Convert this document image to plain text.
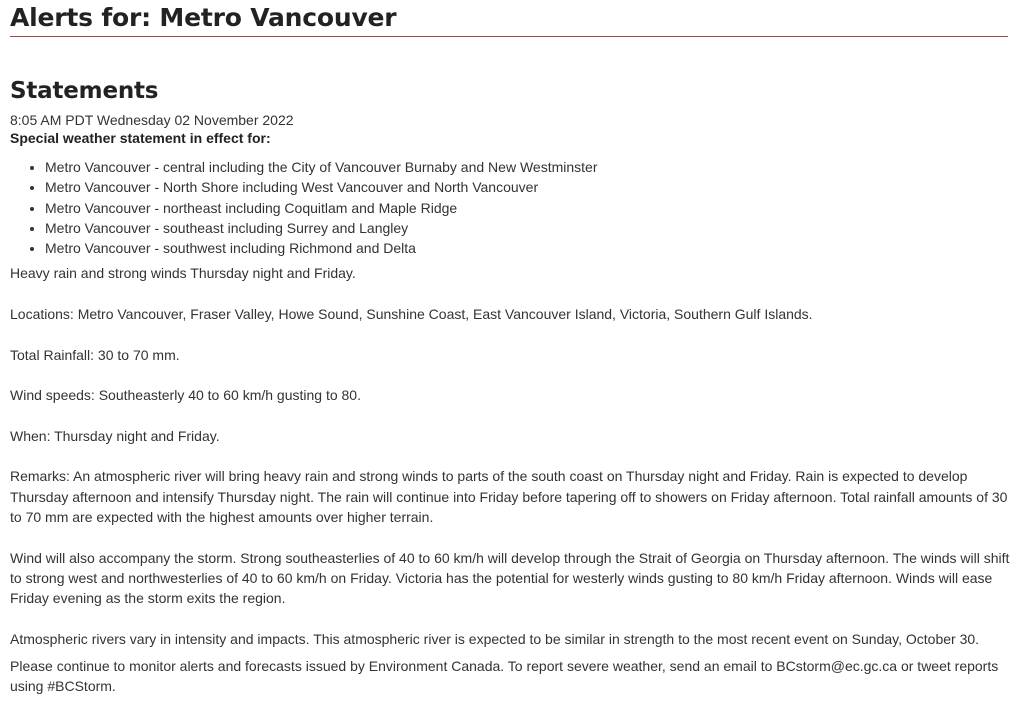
Alerts for: Metro Vancouver
Statements
8:05 AM PDT Wednesday 02 November 2022
Special weather statement in effect for:
• Metro Vancouver - central including the City of Vancouver Burnaby and New Westminster
• Metro Vancouver - North Shore including West Vancouver and North Vancouver
• Metro Vancouver - northeast including Coquitlam and Maple Ridge
• Metro Vancouver - southeast including Surrey and Langley
• Metro Vancouver - southwest including Richmond and Delta

Heavy rain and strong winds Thursday night and Friday.

Locations: Metro Vancouver, Fraser Valley, Howe Sound, Sunshine Coast, East Vancouver Island, Victoria, Southern Gulf Islands.

Total Rainfall: 30 to 70 mm.

Wind speeds: Southeasterly 40 to 60 km/h gusting to 80.

When: Thursday night and Friday.

Remarks: An atmospheric river will bring heavy rain and strong winds to parts of the south coast on Thursday night and Friday. Rain is expected to develop Thursday afternoon and intensify Thursday night. The rain will continue into Friday before tapering off to showers on Friday afternoon. Total rainfall amounts of 30 to 70 mm are expected with the highest amounts over higher terrain.

Wind will also accompany the storm. Strong southeasterlies of 40 to 60 km/h will develop through the Strait of Georgia on Thursday afternoon. The winds will shift to strong west and northwesterlies of 40 to 60 km/h on Friday. Victoria has the potential for westerly winds gusting to 80 km/h Friday afternoon. Winds will ease Friday evening as the storm exits the region.

Atmospheric rivers vary in intensity and impacts. This atmospheric river is expected to be similar in strength to the most recent event on Sunday, October 30.

Please continue to monitor alerts and forecasts issued by Environment Canada. To report severe weather, send an email to BCstorm@ec.gc.ca or tweet reports using #BCStorm.
